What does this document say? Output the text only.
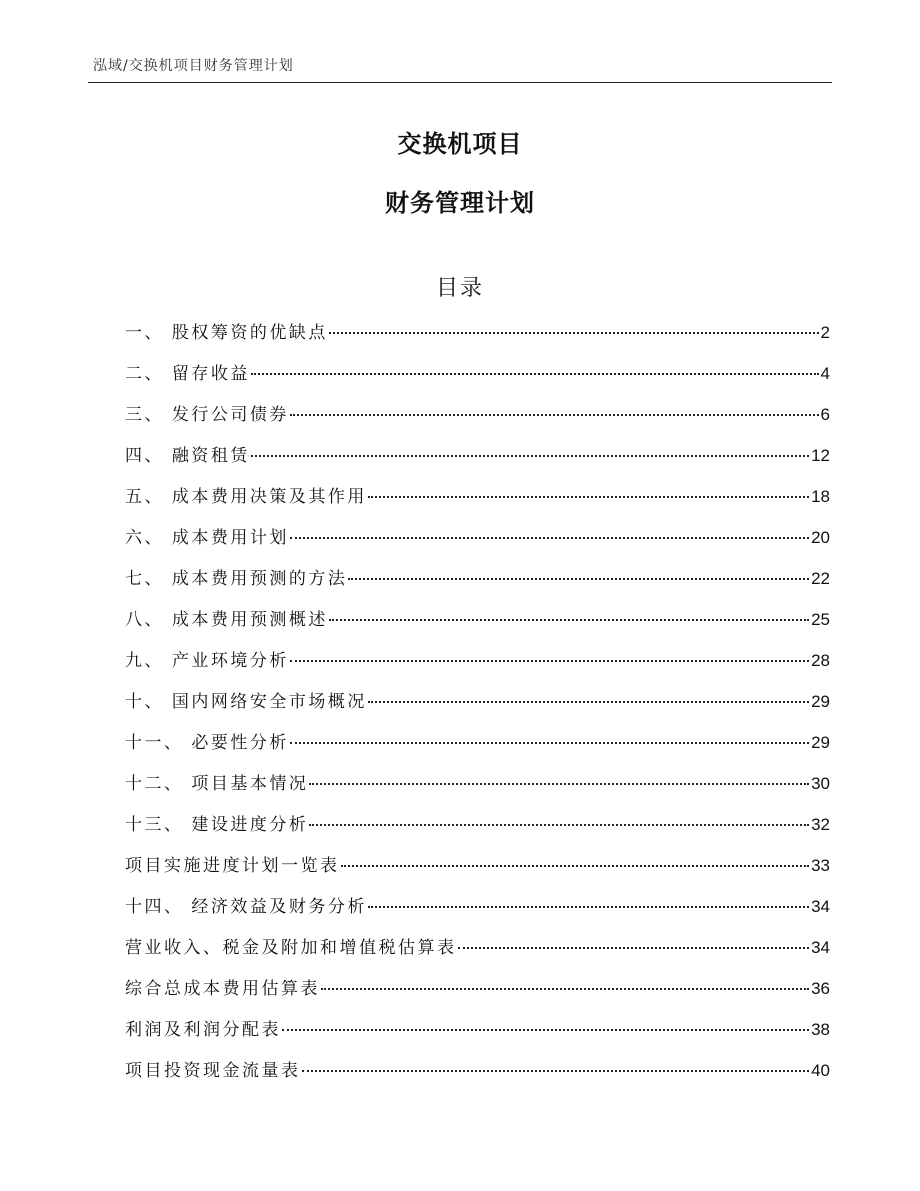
泓域/交换机项目财务管理计划
交换机项目
财务管理计划
目录
一、 股权筹资的优缺点	2
二、 留存收益	4
三、 发行公司债券	6
四、 融资租赁	12
五、 成本费用决策及其作用	18
六、 成本费用计划	20
七、 成本费用预测的方法	22
八、 成本费用预测概述	25
九、 产业环境分析	28
十、 国内网络安全市场概况	29
十一、 必要性分析	29
十二、 项目基本情况	30
十三、 建设进度分析	32
项目实施进度计划一览表	33
十四、 经济效益及财务分析	34
营业收入、税金及附加和增值税估算表	34
综合总成本费用估算表	36
利润及利润分配表	38
项目投资现金流量表	40
